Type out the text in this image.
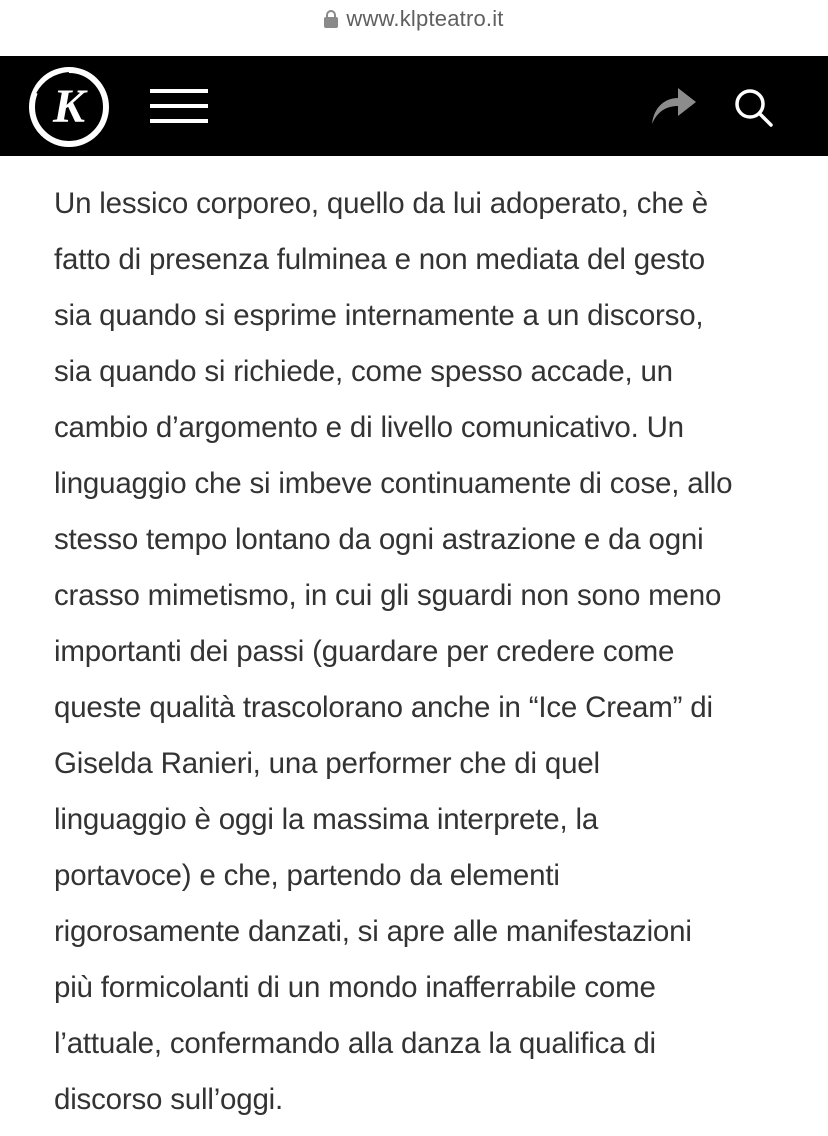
www.klpteatro.it
K

Un lessico corporeo, quello da lui adoperato, che è
fatto di presenza fulminea e non mediata del gesto
sia quando si esprime internamente a un discorso,
sia quando si richiede, come spesso accade, un
cambio d’argomento e di livello comunicativo. Un
linguaggio che si imbeve continuamente di cose, allo
stesso tempo lontano da ogni astrazione e da ogni
crasso mimetismo, in cui gli sguardi non sono meno
importanti dei passi (guardare per credere come
queste qualità trascolorano anche in “Ice Cream” di
Giselda Ranieri, una performer che di quel
linguaggio è oggi la massima interprete, la
portavoce) e che, partendo da elementi
rigorosamente danzati, si apre alle manifestazioni
più formicolanti di un mondo inafferrabile come
l’attuale, confermando alla danza la qualifica di
discorso sull’oggi.
